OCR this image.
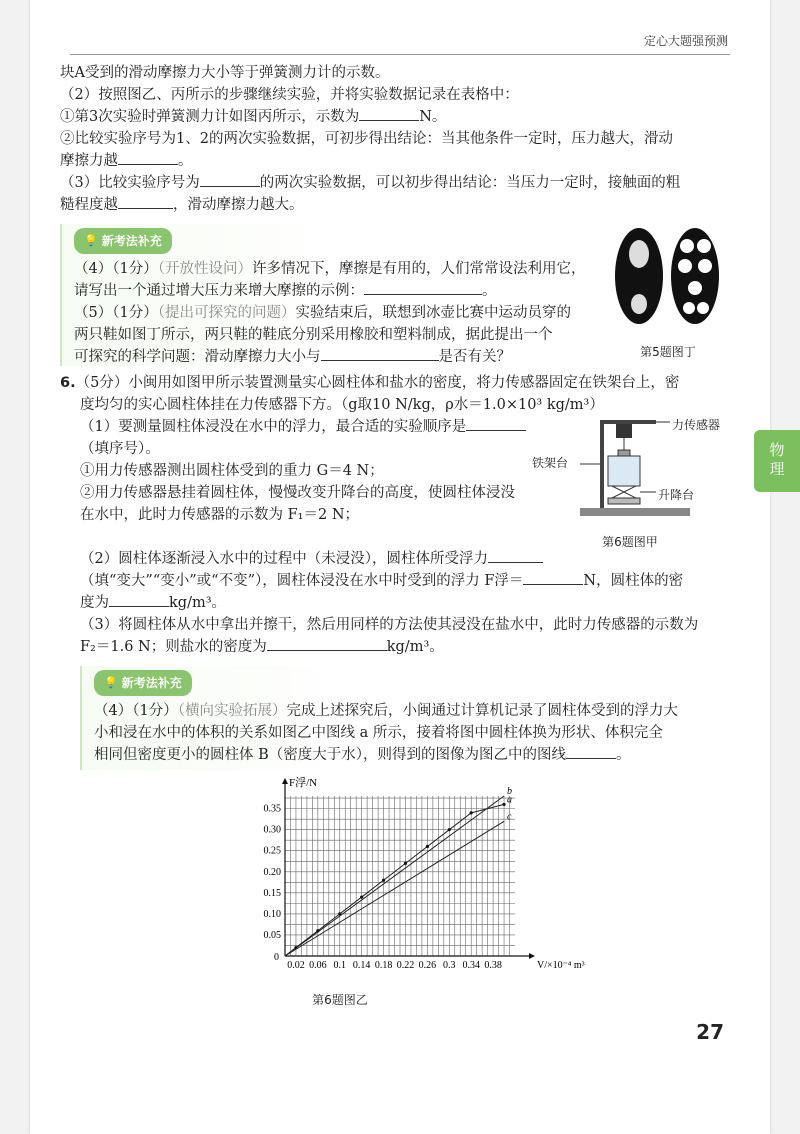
定心大题强预测
物理
块A受到的滑动摩擦力大小等于弹簧测力计的示数。
（2）按照图乙、丙所示的步骤继续实验，并将实验数据记录在表格中：
①第3次实验时弹簧测力计如图丙所示，示数为	N。
②比较实验序号为1、2的两次实验数据，可初步得出结论：当其他条件一定时，压力越大，滑动
摩擦力越	。
（3）比较实验序号为	的两次实验数据，可以初步得出结论：当压力一定时，接触面的粗
糙程度越	，滑动摩擦力越大。
💡 新考法补充
（4）（1分）（开放性设问）许多情况下，摩擦是有用的，人们常常设法利用它，
请写出一个通过增大压力来增大摩擦的示例：	。
（5）（1分）（提出可探究的问题）实验结束后，联想到冰壶比赛中运动员穿的
两只鞋如图丁所示，两只鞋的鞋底分别采用橡胶和塑料制成，据此提出一个
可探究的科学问题：滑动摩擦力大小与	是否有关？	第5题图丁
6.（5分）小闽用如图甲所示装置测量实心圆柱体和盐水的密度，将力传感器固定在铁架台上，密
度均匀的实心圆柱体挂在力传感器下方。（g取10 N/kg，ρ水＝1.0×10³ kg/m³）
（1）要测量圆柱体浸没在水中的浮力，最合适的实验顺序是
（填序号）。
①用力传感器测出圆柱体受到的重力 G＝4 N；
②用力传感器悬挂着圆柱体，慢慢改变升降台的高度，使圆柱体浸没
在水中，此时力传感器的示数为 F₁＝2 N；
力传感器
铁架台
升降台
第6题图甲
（2）圆柱体逐渐浸入水中的过程中（未浸没），圆柱体所受浮力
（填“变大”“变小”或“不变”），圆柱体浸没在水中时受到的浮力 F浮＝	N，圆柱体的密
度为	kg/m³。
（3）将圆柱体从水中拿出并擦干，然后用同样的方法使其浸没在盐水中，此时力传感器的示数为
F₂＝1.6 N；则盐水的密度为	kg/m³。
💡 新考法补充
（4）（1分）（横向实验拓展）完成上述探究后，小闽通过计算机记录了圆柱体受到的浮力大
小和浸在水中的体积的关系如图乙中图线 a 所示，接着将图中圆柱体换为形状、体积完全
相同但密度更小的圆柱体 B（密度大于水），则得到的图像为图乙中的图线	。
0.02 0.06 0.1 0.14 0.18 0.22 0.26 0.3 0.34 0.38
0.05
0.10
0.15
0.20
0.25
0.30
0.35
0
F浮/N
V/×10⁻⁴ m³
b
a
c
第6题图乙
27
